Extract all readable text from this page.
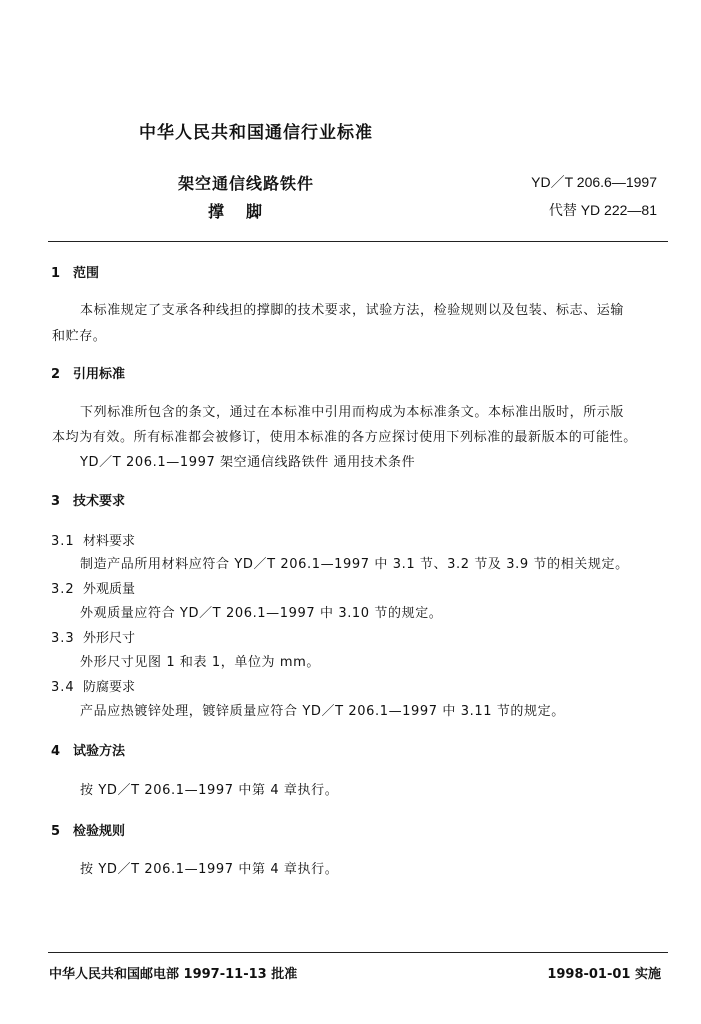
中华人民共和国通信行业标准
架空通信线路铁件
撑脚
YD／T 206.6—1997
代替 YD 222—81
1 范围
本标准规定了支承各种线担的撑脚的技术要求，试验方法，检验规则以及包装、标志、运输
和贮存。
2 引用标准
下列标准所包含的条文，通过在本标准中引用而构成为本标准条文。本标准出版时，所示版
本均为有效。所有标准都会被修订，使用本标准的各方应探讨使用下列标准的最新版本的可能性。
YD／T 206.1—1997 架空通信线路铁件 通用技术条件
3 技术要求
3.1 材料要求
制造产品所用材料应符合 YD／T 206.1—1997 中 3.1 节、3.2 节及 3.9 节的相关规定。
3.2 外观质量
外观质量应符合 YD／T 206.1—1997 中 3.10 节的规定。
3.3 外形尺寸
外形尺寸见图 1 和表 1，单位为 mm。
3.4 防腐要求
产品应热镀锌处理，镀锌质量应符合 YD／T 206.1—1997 中 3.11 节的规定。
4 试验方法
按 YD／T 206.1—1997 中第 4 章执行。
5 检验规则
按 YD／T 206.1—1997 中第 4 章执行。
中华人民共和国邮电部 1997-11-13 批准	1998-01-01 实施
